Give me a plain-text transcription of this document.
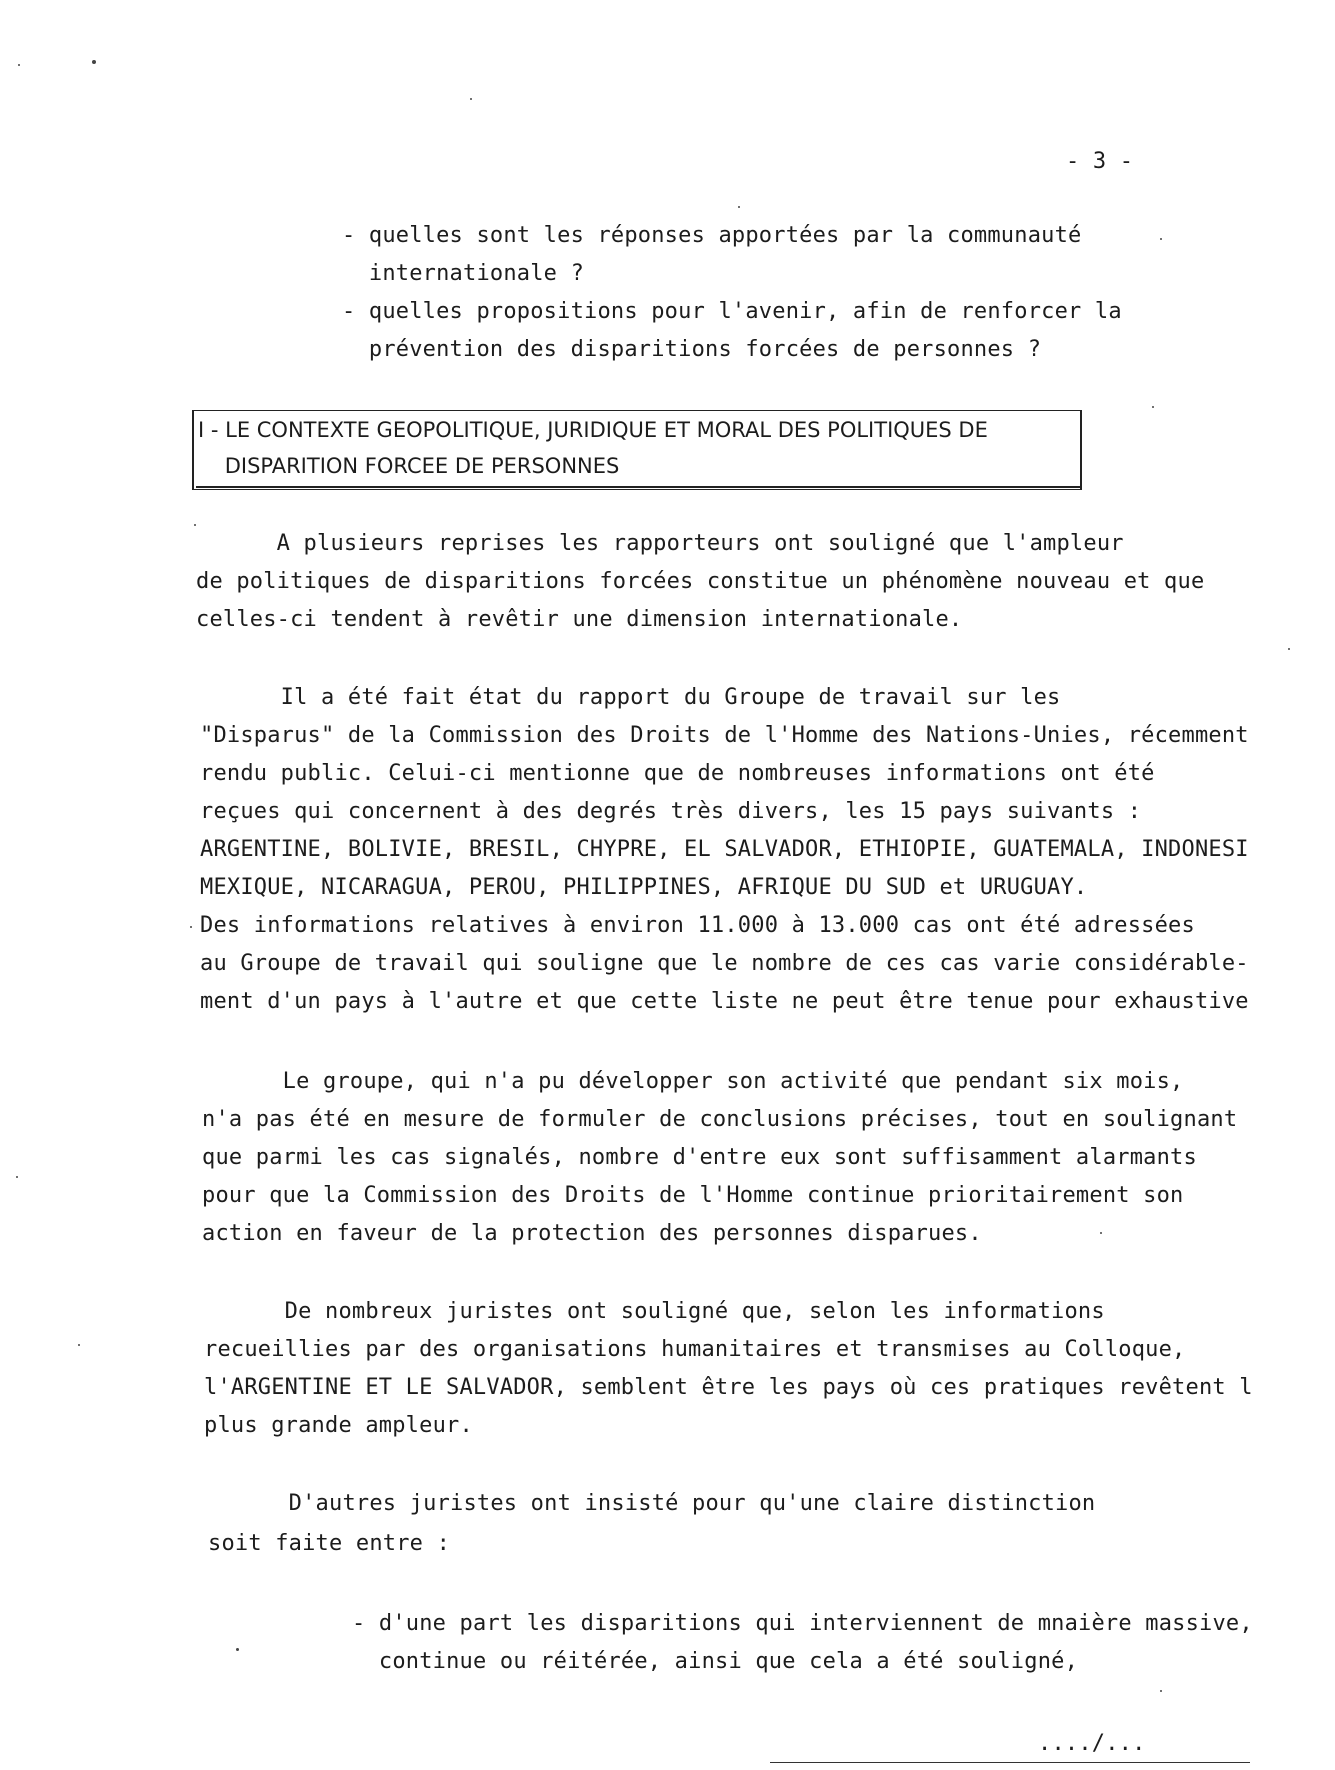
- 3 -
- quelles sont les réponses apportées par la communauté
internationale ?
- quelles propositions pour l'avenir, afin de renforcer la
prévention des disparitions forcées de personnes ?
I - LE CONTEXTE GEOPOLITIQUE, JURIDIQUE ET MORAL DES POLITIQUES DE
DISPARITION FORCEE DE PERSONNES
A plusieurs reprises les rapporteurs ont souligné que l'ampleur
de politiques de disparitions forcées constitue un phénomène nouveau et que
celles-ci tendent à revêtir une dimension internationale.
Il a été fait état du rapport du Groupe de travail sur les
"Disparus" de la Commission des Droits de l'Homme des Nations-Unies, récemment
rendu public. Celui-ci mentionne que de nombreuses informations ont été
reçues qui concernent à des degrés très divers, les 15 pays suivants :
ARGENTINE, BOLIVIE, BRESIL, CHYPRE, EL SALVADOR, ETHIOPIE, GUATEMALA, INDONESI
MEXIQUE, NICARAGUA, PEROU, PHILIPPINES, AFRIQUE DU SUD et URUGUAY.
Des informations relatives à environ 11.000 à 13.000 cas ont été adressées
au Groupe de travail qui souligne que le nombre de ces cas varie considérable-
ment d'un pays à l'autre et que cette liste ne peut être tenue pour exhaustive
Le groupe, qui n'a pu développer son activité que pendant six mois,
n'a pas été en mesure de formuler de conclusions précises, tout en soulignant
que parmi les cas signalés, nombre d'entre eux sont suffisamment alarmants
pour que la Commission des Droits de l'Homme continue prioritairement son
action en faveur de la protection des personnes disparues.
De nombreux juristes ont souligné que, selon les informations
recueillies par des organisations humanitaires et transmises au Colloque,
l'ARGENTINE ET LE SALVADOR, semblent être les pays où ces pratiques revêtent l
plus grande ampleur.
D'autres juristes ont insisté pour qu'une claire distinction
soit faite entre :
- d'une part les disparitions qui interviennent de mnaière massive,
continue ou réitérée, ainsi que cela a été souligné,
..../...
